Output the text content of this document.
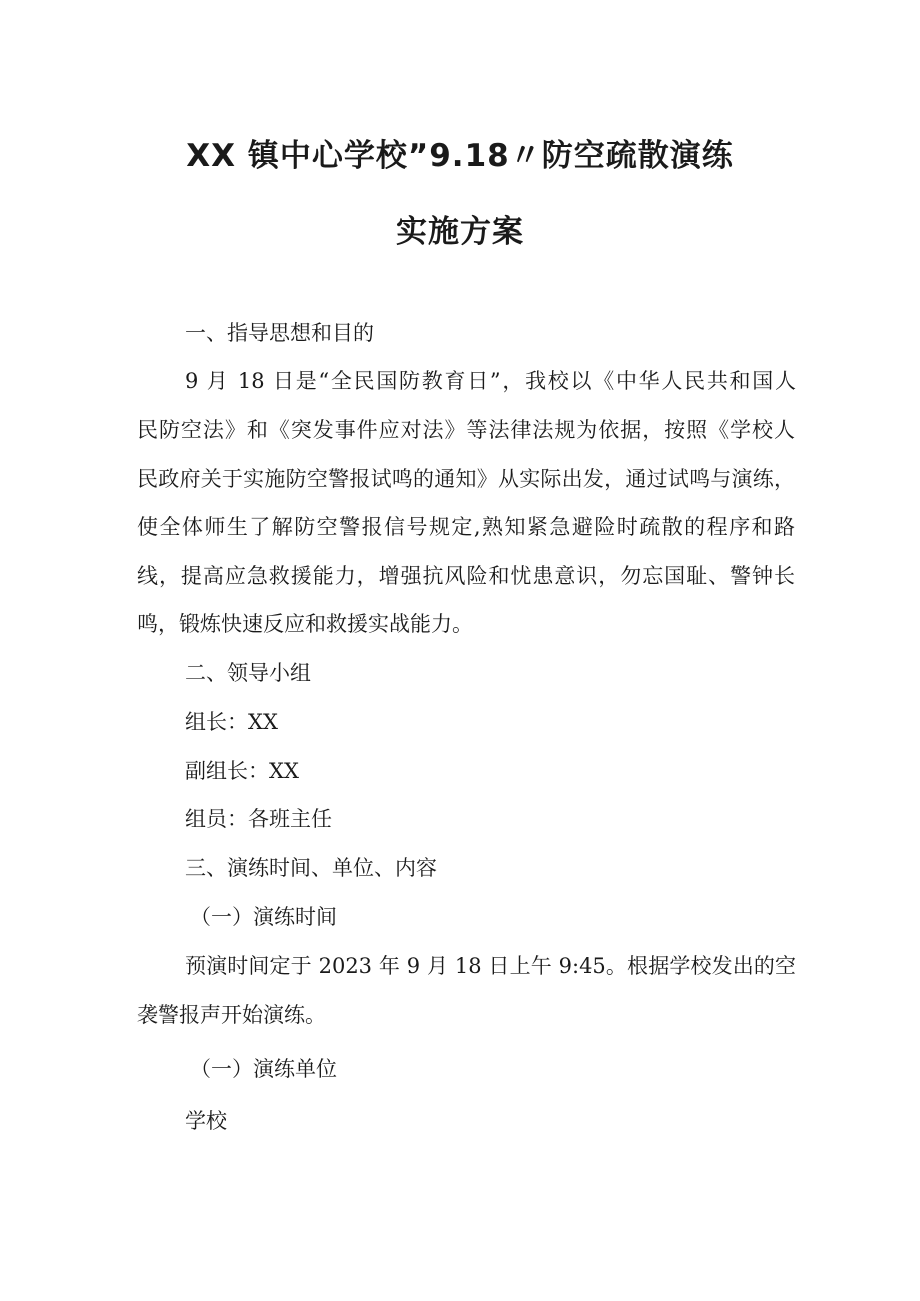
XX 镇中心学校”9.18〃防空疏散演练
实施方案
一、指导思想和目的
9 月 18 日是“全民国防教育日”，我校以《中华人民共和国人
民防空法》和《突发事件应对法》等法律法规为依据，按照《学校人
民政府关于实施防空警报试鸣的通知》从实际出发，通过试鸣与演练，
使全体师生了解防空警报信号规定,熟知紧急避险时疏散的程序和路
线，提高应急救援能力，增强抗风险和忧患意识，勿忘国耻、警钟长
鸣，锻炼快速反应和救援实战能力。
二、领导小组
组长：XX
副组长：XX
组员：各班主任
三、演练时间、单位、内容
（一）演练时间
预演时间定于 2023 年 9 月 18 日上午 9:45。根据学校发出的空
袭警报声开始演练。
（一）演练单位
学校
